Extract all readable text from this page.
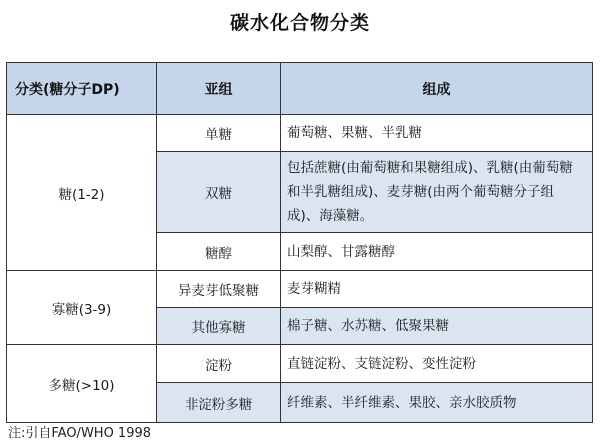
碳水化合物分类
分类(糖分子DP)	亚组	组成
糖(1-2)	单糖	葡萄糖、果糖、半乳糖
	双糖	包括蔗糖(由葡萄糖和果糖组成)、乳糖(由葡萄糖和半乳糖组成)、麦芽糖(由两个葡萄糖分子组成)、海藻糖。
	糖醇	山梨醇、甘露糖醇
寡糖(3-9)	异麦芽低聚糖	麦芽糊精
	其他寡糖	棉子糖、水苏糖、低聚果糖
多糖(>10)	淀粉	直链淀粉、支链淀粉、变性淀粉
	非淀粉多糖	纤维素、半纤维素、果胶、亲水胶质物
注:引自FAO/WHO 1998
